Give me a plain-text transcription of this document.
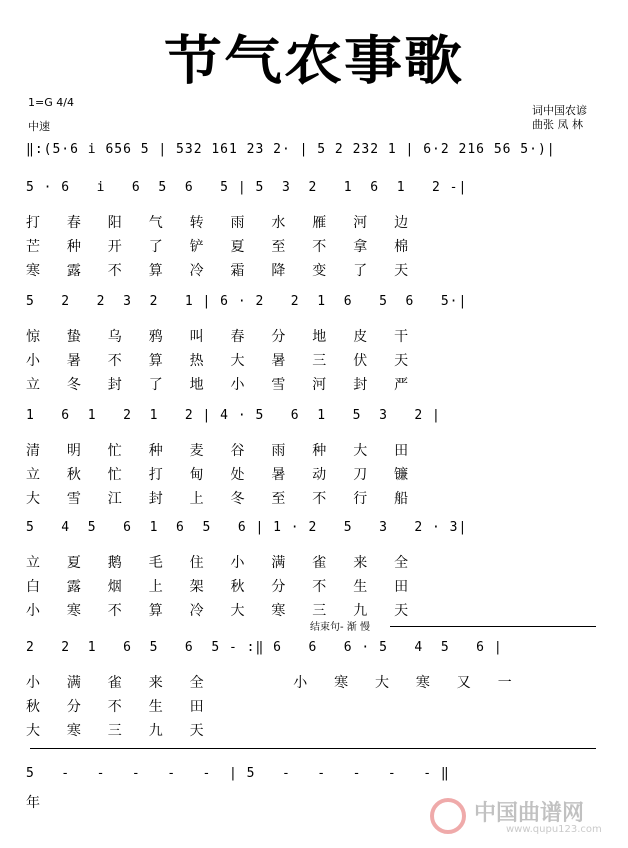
节气农事歌
1=G 4/4
中速
词中国农谚
曲张 凤 林
‖:(5·6 i 656 5 | 532 161 23 2· | 5 2 232 1 | 6·2 216 56 5·)|
5 · 6   i   6  5  6   5 | 5  3  2   1  6  1   2 -|
打  春  阳  气  转  雨  水  雁  河  边
芒  种  开  了  铲  夏  至  不  拿  棉
寒  露  不  算  冷  霜  降  变  了  天
5   2   2  3  2   1 | 6 · 2   2  1  6   5  6   5·|
惊  蛰  乌  鸦  叫  春  分  地  皮  干
小  暑  不  算  热  大  暑  三  伏  天
立  冬  封  了  地  小  雪  河  封  严
1   6  1   2  1   2 | 4 · 5   6  1   5  3   2 |
清  明  忙  种  麦  谷  雨  种  大  田
立  秋  忙  打  甸  处  暑  动  刀  镰
大  雪  江  封  上  冬  至  不  行  船
5   4  5   6  1  6  5   6 | 1 · 2   5   3   2 · 3|
立  夏  鹅  毛  住  小  满  雀  来  全
白  露  烟  上  架  秋  分  不  生  田
小  寒  不  算  冷  大  寒  三  九  天
结束句- 渐 慢
2   2  1   6  5   6  5 - :‖ 6   6   6 · 5   4  5   6 |
小  满  雀  来  全        小  寒  大  寒  又  一
秋  分  不  生  田
大  寒  三  九  天
5   -   -   -   -   -  | 5   -   -   -   -   - ‖
年	中国曲谱网
www.qupu123.com
